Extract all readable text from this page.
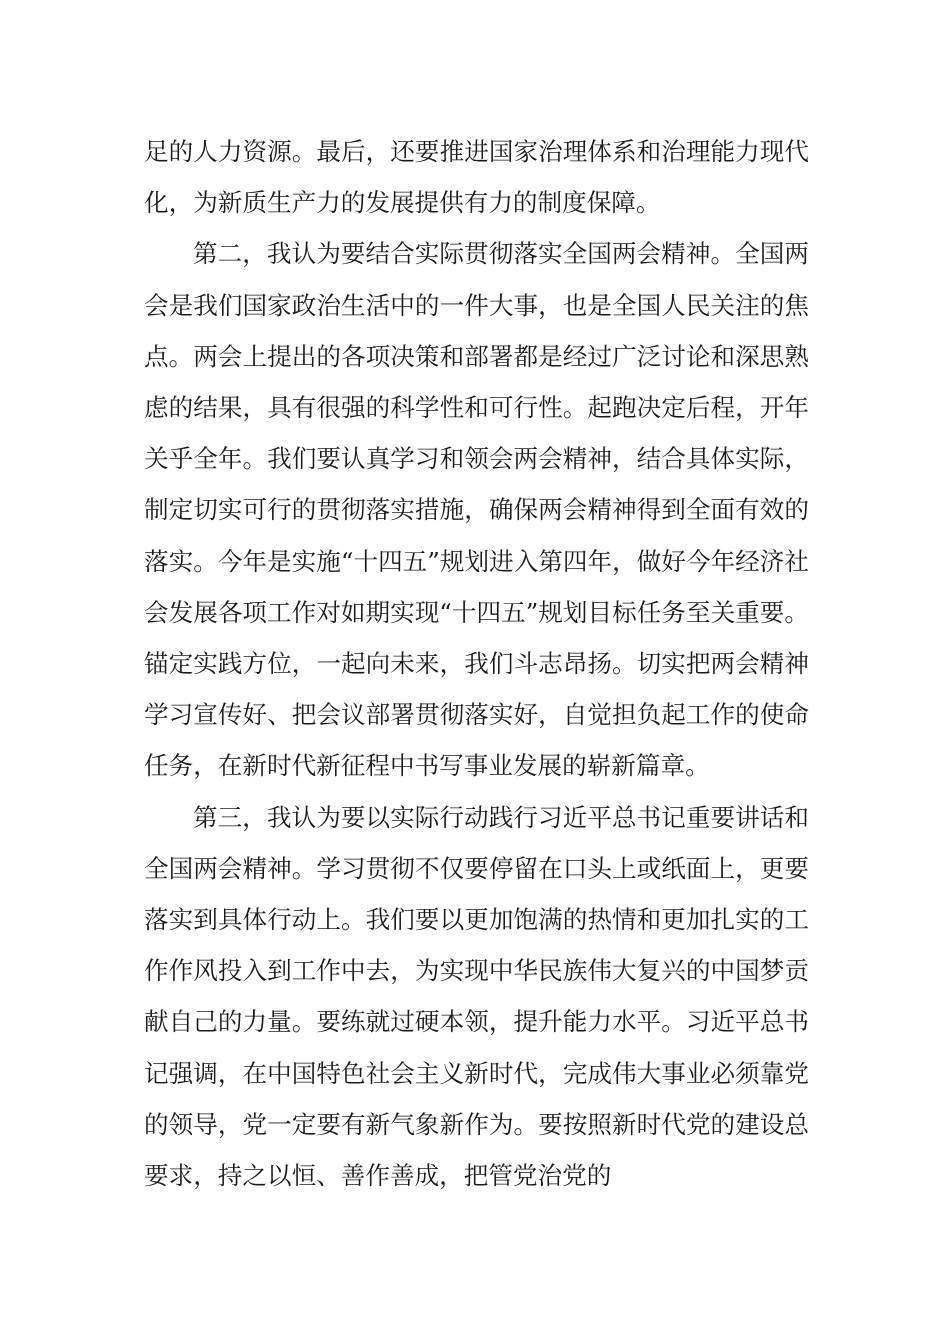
足的人力资源。最后，还要推进国家治理体系和治理能力现代化，为新质生产力的发展提供有力的制度保障。

第二，我认为要结合实际贯彻落实全国两会精神。全国两会是我们国家政治生活中的一件大事，也是全国人民关注的焦点。两会上提出的各项决策和部署都是经过广泛讨论和深思熟虑的结果，具有很强的科学性和可行性。起跑决定后程，开年关乎全年。我们要认真学习和领会两会精神，结合具体实际，制定切实可行的贯彻落实措施，确保两会精神得到全面有效的落实。今年是实施“十四五”规划进入第四年，做好今年经济社会发展各项工作对如期实现“十四五”规划目标任务至关重要。锚定实践方位，一起向未来，我们斗志昂扬。切实把两会精神学习宣传好、把会议部署贯彻落实好，自觉担负起工作的使命任务，在新时代新征程中书写事业发展的崭新篇章。

第三，我认为要以实际行动践行习近平总书记重要讲话和全国两会精神。学习贯彻不仅要停留在口头上或纸面上，更要落实到具体行动上。我们要以更加饱满的热情和更加扎实的工作作风投入到工作中去，为实现中华民族伟大复兴的中国梦贡献自己的力量。要练就过硬本领，提升能力水平。习近平总书记强调，在中国特色社会主义新时代，完成伟大事业必须靠党的领导，党一定要有新气象新作为。要按照新时代党的建设总要求，持之以恒、善作善成，把管党治党的
